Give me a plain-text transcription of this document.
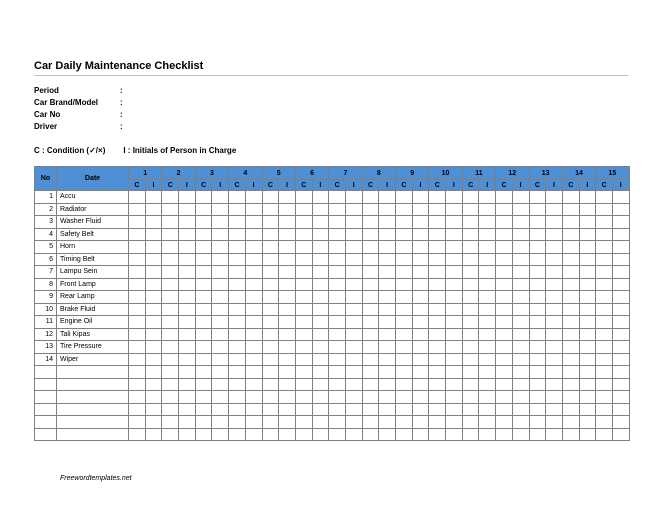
Car Daily Maintenance Checklist
Period	:
Car Brand/Model	:
Car No	:
Driver	:
C : Condition (✓/×) I : Initials of Person in Charge
No	Date	1		2		3		4		5		6		7		8		9		10		11		12		13		14		15	
		C	I	C	I	C	I	C	I	C	I	C	I	C	I	C	I	C	I	C	I	C	I	C	I	C	I	C	I	C	I
1	Accu																														
2	Radiator																														
3	Washer Fluid																														
4	Safety Belt																														
5	Horn																														
6	Timing Belt																														
7	Lampu Sein																														
8	Front Lamp																														
9	Rear Lamp																														
10	Brake Fluid																														
11	Engine Oil																														
12	Tali Kipas																														
13	Tire Pressure																														
14	Wiper																														

Freewordtemplates.net
